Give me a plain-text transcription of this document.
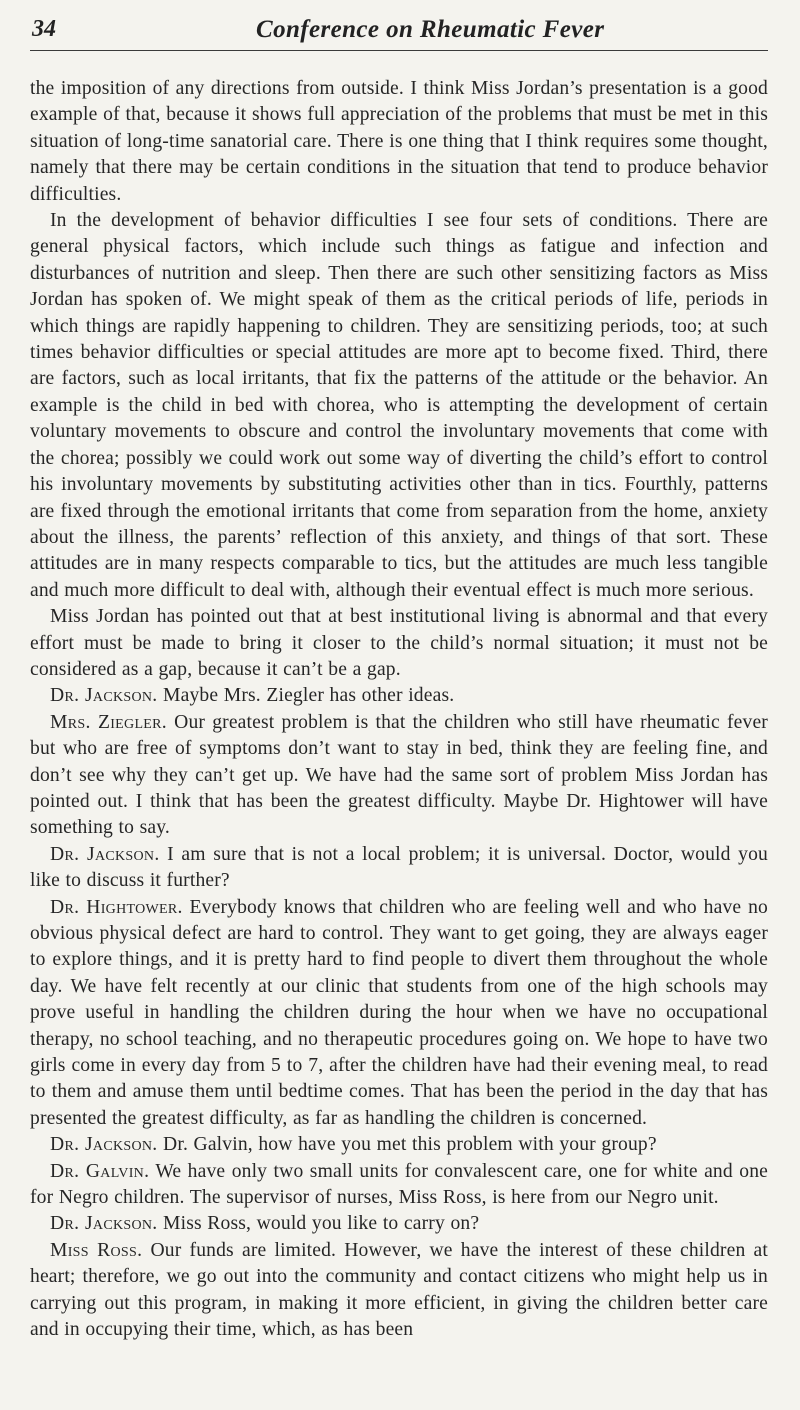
34	Conference on Rheumatic Fever

the imposition of any directions from outside. I think Miss Jordan’s presentation is a good example of that, because it shows full appreciation of the problems that must be met in this situation of long-time sanatorial care. There is one thing that I think requires some thought, namely that there may be certain conditions in the situation that tend to produce behavior difficulties.

In the development of behavior difficulties I see four sets of conditions. There are general physical factors, which include such things as fatigue and infection and disturbances of nutrition and sleep. Then there are such other sensitizing factors as Miss Jordan has spoken of. We might speak of them as the critical periods of life, periods in which things are rapidly happening to children. They are sensitizing periods, too; at such times behavior difficulties or special attitudes are more apt to become fixed. Third, there are factors, such as local irritants, that fix the patterns of the attitude or the behavior. An example is the child in bed with chorea, who is attempting the development of certain voluntary movements to obscure and control the involuntary movements that come with the chorea; possibly we could work out some way of diverting the child’s effort to control his involuntary movements by substituting activities other than in tics. Fourthly, patterns are fixed through the emotional irritants that come from separation from the home, anxiety about the illness, the parents’ reflection of this anxiety, and things of that sort. These attitudes are in many respects comparable to tics, but the attitudes are much less tangible and much more difficult to deal with, although their eventual effect is much more serious.

Miss Jordan has pointed out that at best institutional living is abnormal and that every effort must be made to bring it closer to the child’s normal situation; it must not be considered as a gap, because it can’t be a gap.

Dr. Jackson. Maybe Mrs. Ziegler has other ideas.

Mrs. Ziegler. Our greatest problem is that the children who still have rheumatic fever but who are free of symptoms don’t want to stay in bed, think they are feeling fine, and don’t see why they can’t get up. We have had the same sort of problem Miss Jordan has pointed out. I think that has been the greatest difficulty. Maybe Dr. Hightower will have something to say.

Dr. Jackson. I am sure that is not a local problem; it is universal. Doctor, would you like to discuss it further?

Dr. Hightower. Everybody knows that children who are feeling well and who have no obvious physical defect are hard to control. They want to get going, they are always eager to explore things, and it is pretty hard to find people to divert them throughout the whole day. We have felt recently at our clinic that students from one of the high schools may prove useful in handling the children during the hour when we have no occupational therapy, no school teaching, and no therapeutic procedures going on. We hope to have two girls come in every day from 5 to 7, after the children have had their evening meal, to read to them and amuse them until bedtime comes. That has been the period in the day that has presented the greatest difficulty, as far as handling the children is concerned.

Dr. Jackson. Dr. Galvin, how have you met this problem with your group?

Dr. Galvin. We have only two small units for convalescent care, one for white and one for Negro children. The supervisor of nurses, Miss Ross, is here from our Negro unit.

Dr. Jackson. Miss Ross, would you like to carry on?

Miss Ross. Our funds are limited. However, we have the interest of these children at heart; therefore, we go out into the community and contact citizens who might help us in carrying out this program, in making it more efficient, in giving the children better care and in occupying their time, which, as has been
